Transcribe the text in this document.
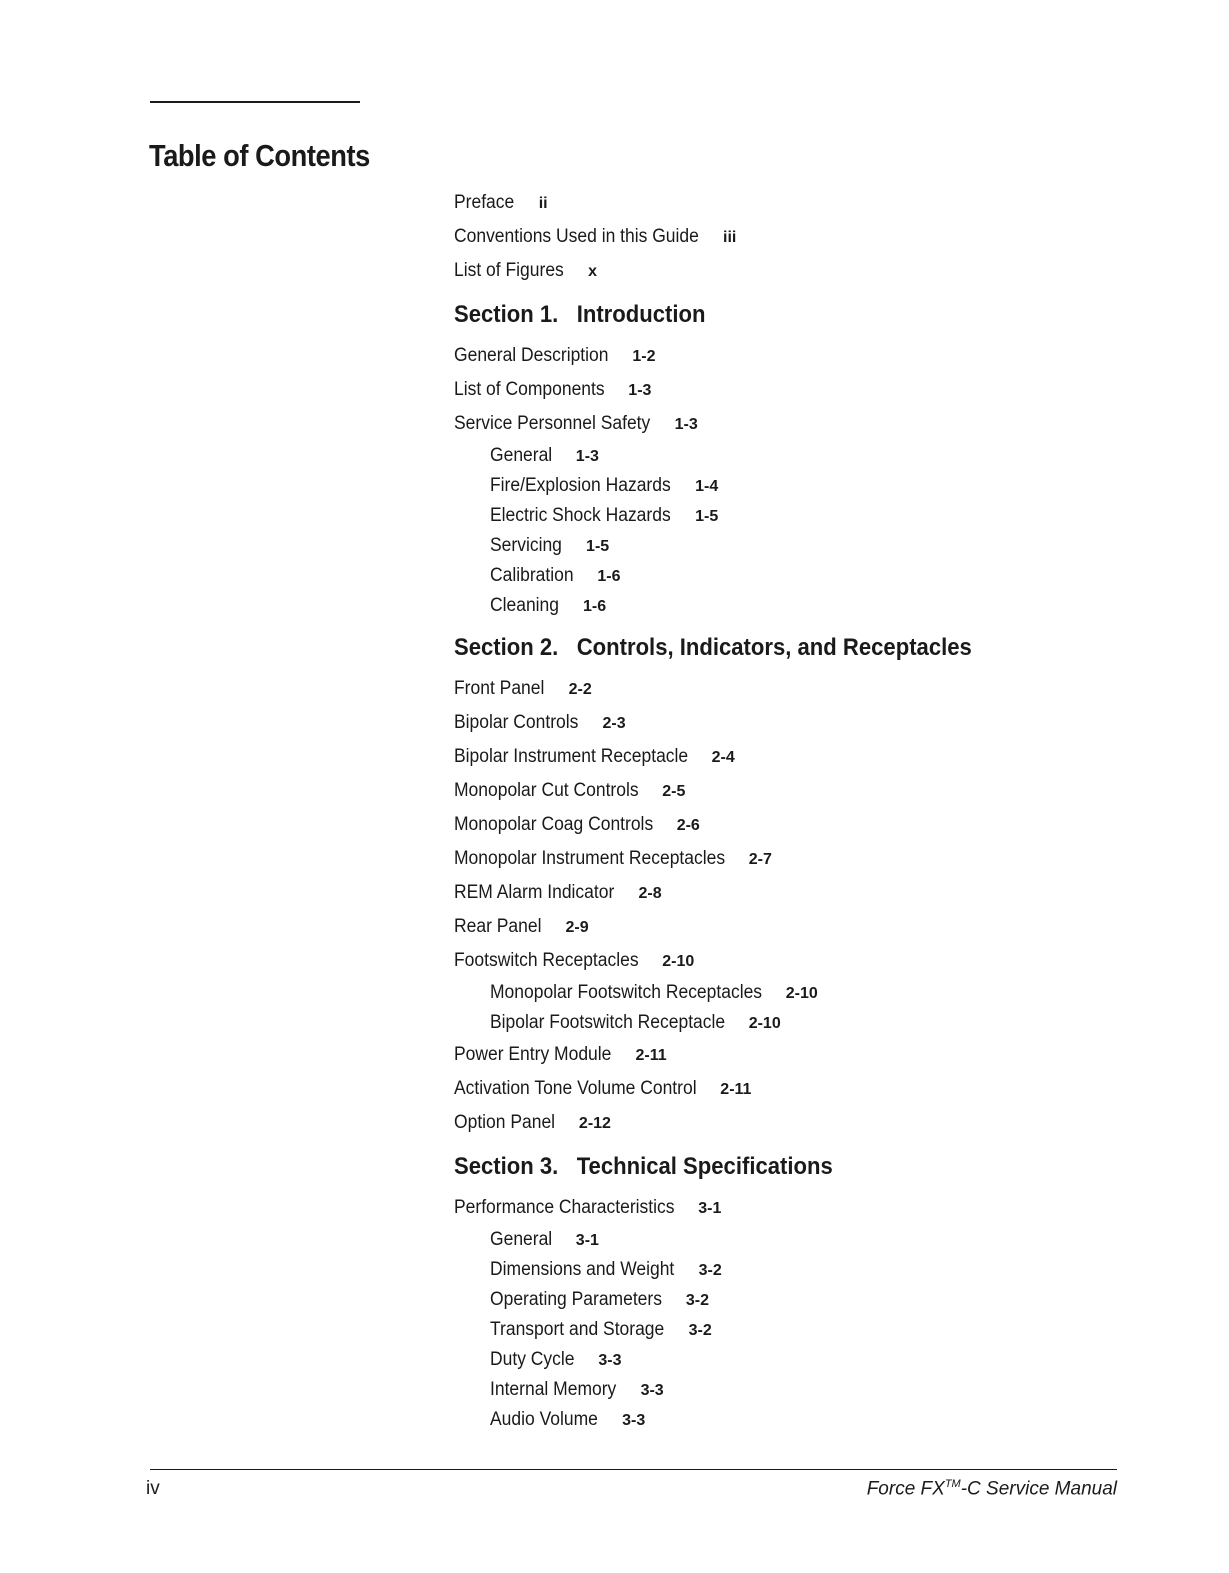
Table of Contents
Preface ii
Conventions Used in this Guide iii
List of Figures x
Section 1. Introduction
General Description 1-2
List of Components 1-3
Service Personnel Safety 1-3
General 1-3
Fire/Explosion Hazards 1-4
Electric Shock Hazards 1-5
Servicing 1-5
Calibration 1-6
Cleaning 1-6
Section 2. Controls, Indicators, and Receptacles
Front Panel 2-2
Bipolar Controls 2-3
Bipolar Instrument Receptacle 2-4
Monopolar Cut Controls 2-5
Monopolar Coag Controls 2-6
Monopolar Instrument Receptacles 2-7
REM Alarm Indicator 2-8
Rear Panel 2-9
Footswitch Receptacles 2-10
Monopolar Footswitch Receptacles 2-10
Bipolar Footswitch Receptacle 2-10
Power Entry Module 2-11
Activation Tone Volume Control 2-11
Option Panel 2-12
Section 3. Technical Specifications
Performance Characteristics 3-1
General 3-1
Dimensions and Weight 3-2
Operating Parameters 3-2
Transport and Storage 3-2
Duty Cycle 3-3
Internal Memory 3-3
Audio Volume 3-3
iv	Force FX™-C Service Manual
